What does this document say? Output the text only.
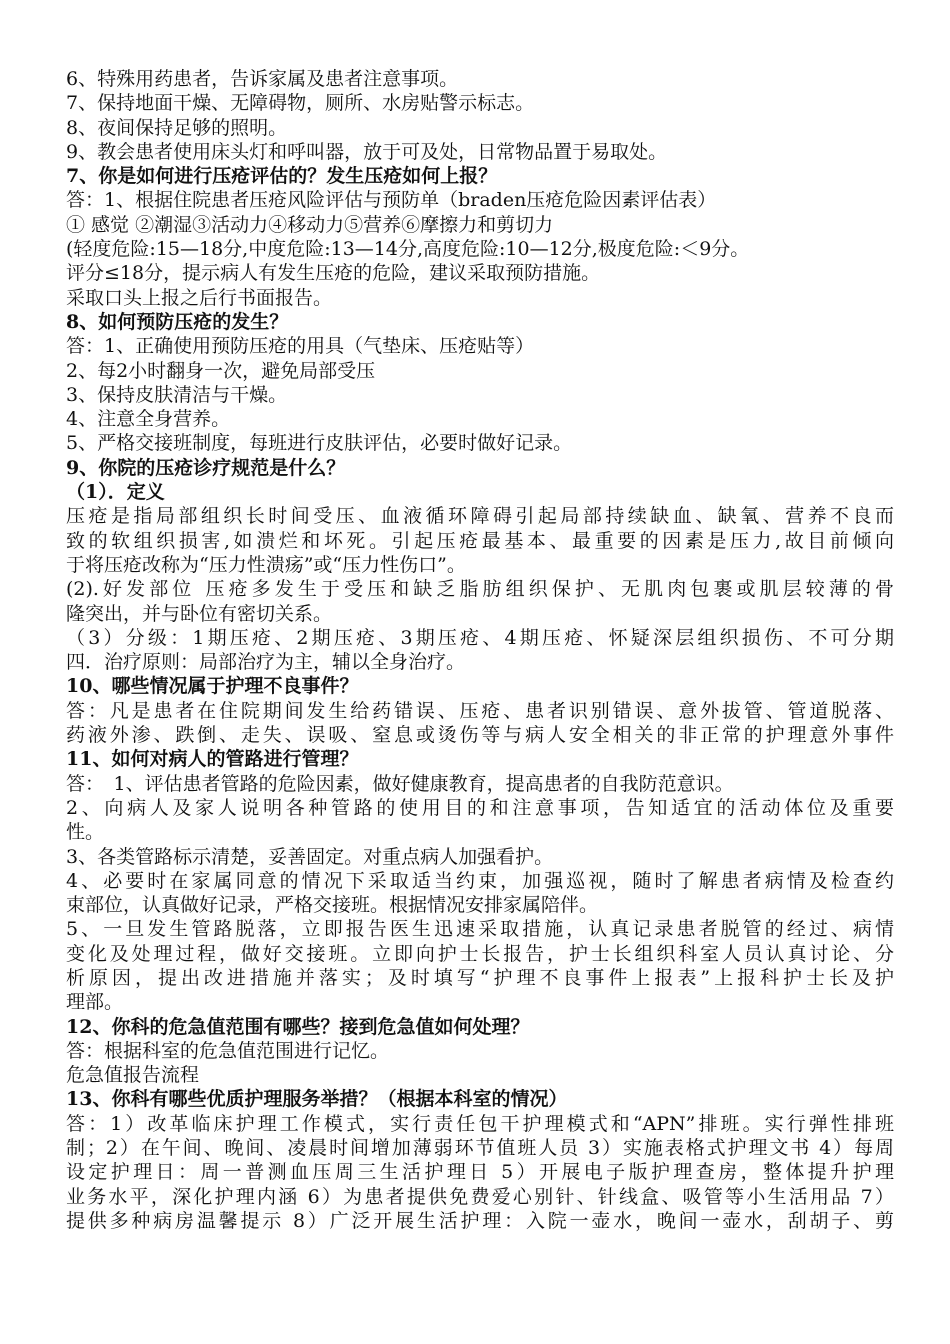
6、特殊用药患者，告诉家属及患者注意事项。
7、保持地面干燥、无障碍物，厕所、水房贴警示标志。
8、夜间保持足够的照明。
9、教会患者使用床头灯和呼叫器，放于可及处，日常物品置于易取处。
7、你是如何进行压疮评估的？发生压疮如何上报？
答：1、根据住院患者压疮风险评估与预防单（braden压疮危险因素评估表）
① 感觉 ②潮湿③活动力④移动力⑤营养⑥摩擦力和剪切力
(轻度危险:15—18分,中度危险:13—14分,高度危险:10—12分,极度危险:＜9分。
评分≤18分，提示病人有发生压疮的危险，建议采取预防措施。
采取口头上报之后行书面报告。
8、如何预防压疮的发生？
答：1、正确使用预防压疮的用具（气垫床、压疮贴等）
2、每2小时翻身一次，避免局部受压
3、保持皮肤清洁与干燥。
4、注意全身营养。
5、严格交接班制度，每班进行皮肤评估，必要时做好记录。
9、你院的压疮诊疗规范是什么？
（1）．定义
压疮是指局部组织长时间受压、血液循环障碍引起局部持续缺血、缺氧、营养不良而
致的软组织损害,如溃烂和坏死。引起压疮最基本、最重要的因素是压力,故目前倾向
于将压疮改称为“压力性溃疡”或“压力性伤口”。
(2).好发部位 压疮多发生于受压和缺乏脂肪组织保护、无肌肉包裹或肌层较薄的骨
隆突出，并与卧位有密切关系。
（3）分级：1期压疮、2期压疮、3期压疮、4期压疮、怀疑深层组织损伤、不可分期
四．治疗原则：局部治疗为主，辅以全身治疗。
10、哪些情况属于护理不良事件？
答：凡是患者在住院期间发生给药错误、压疮、患者识别错误、意外拔管、管道脱落、
药液外渗、跌倒、走失、误吸、窒息或烫伤等与病人安全相关的非正常的护理意外事件
11、如何对病人的管路进行管理？
答：　1、评估患者管路的危险因素，做好健康教育，提高患者的自我防范意识。
2、向病人及家人说明各种管路的使用目的和注意事项，告知适宜的活动体位及重要
性。
3、各类管路标示清楚，妥善固定。对重点病人加强看护。
4、必要时在家属同意的情况下采取适当约束，加强巡视，随时了解患者病情及检查约
束部位，认真做好记录，严格交接班。根据情况安排家属陪伴。
5、一旦发生管路脱落，立即报告医生迅速采取措施，认真记录患者脱管的经过、病情
变化及处理过程，做好交接班。立即向护士长报告，护士长组织科室人员认真讨论、分
析原因，提出改进措施并落实；及时填写“护理不良事件上报表”上报科护士长及护
理部。
12、你科的危急值范围有哪些？接到危急值如何处理？
答：根据科室的危急值范围进行记忆。
危急值报告流程
13、你科有哪些优质护理服务举措？（根据本科室的情况）
答：1）改革临床护理工作模式，实行责任包干护理模式和“APN”排班。实行弹性排班
制；2）在午间、晚间、凌晨时间增加薄弱环节值班人员 3）实施表格式护理文书 4）每周
设定护理日：周一普测血压周三生活护理日 5）开展电子版护理查房，整体提升护理
业务水平，深化护理内涵 6）为患者提供免费爱心别针、针线盒、吸管等小生活用品 7）
提供多种病房温馨提示 8）广泛开展生活护理：入院一壶水，晚间一壶水，刮胡子、剪
